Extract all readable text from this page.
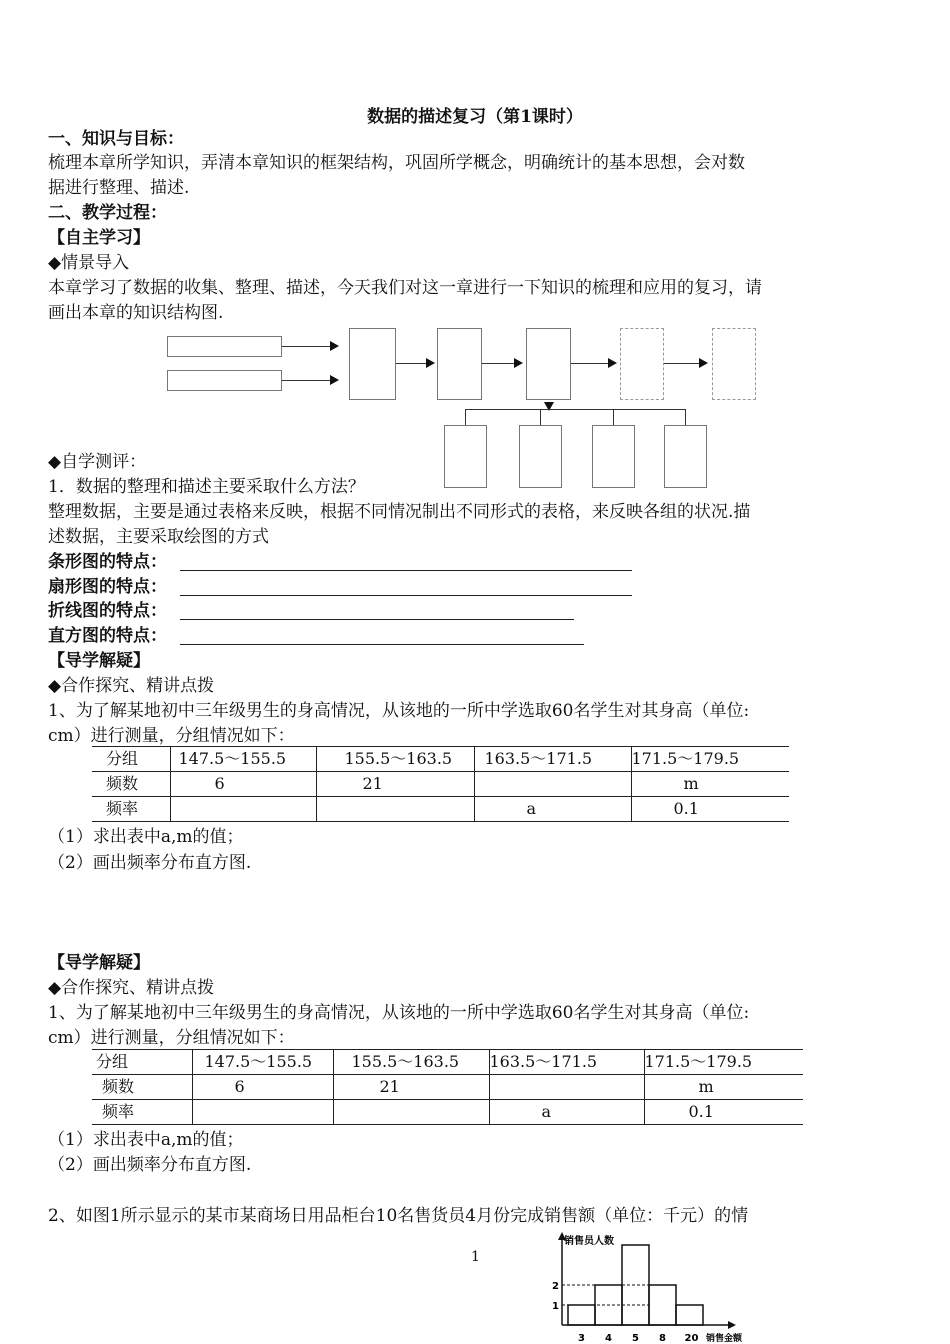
数据的描述复习（第1课时）
一、知识与目标：
梳理本章所学知识，弄清本章知识的框架结构，巩固所学概念，明确统计的基本思想，会对数
据进行整理、描述.
二、教学过程：
【自主学习】
◆情景导入
本章学习了数据的收集、整理、描述，今天我们对这一章进行一下知识的梳理和应用的复习，请
画出本章的知识结构图.
◆自学测评：
1．数据的整理和描述主要采取什么方法？
整理数据，主要是通过表格来反映，根据不同情况制出不同形式的表格，来反映各组的状况.描
述数据，主要采取绘图的方式
条形图的特点：
扇形图的特点：
折线图的特点：
直方图的特点：
【导学解疑】
◆合作探究、精讲点拨
1、为了解某地初中三年级男生的身高情况，从该地的一所中学选取60名学生对其身高（单位:
cm）进行测量，分组情况如下：
分组	147.5～155.5	155.5～163.5	163.5～171.5	171.5～179.5
频数	6	21		m
频率			a	0.1
（1）求出表中a,m的值；
（2）画出频率分布直方图.
【导学解疑】
◆合作探究、精讲点拨
1、为了解某地初中三年级男生的身高情况，从该地的一所中学选取60名学生对其身高（单位:
cm）进行测量，分组情况如下：
分组	147.5～155.5	155.5～163.5	163.5～171.5	171.5～179.5
频数	6	21		m
频率			a	0.1
（1）求出表中a,m的值；
（2）画出频率分布直方图.
2、如图1所示显示的某市某商场日用品柜台10名售货员4月份完成销售额（单位：千元）的情
1
销售员人数
销售金额
1
2
3 4 5 8 20
